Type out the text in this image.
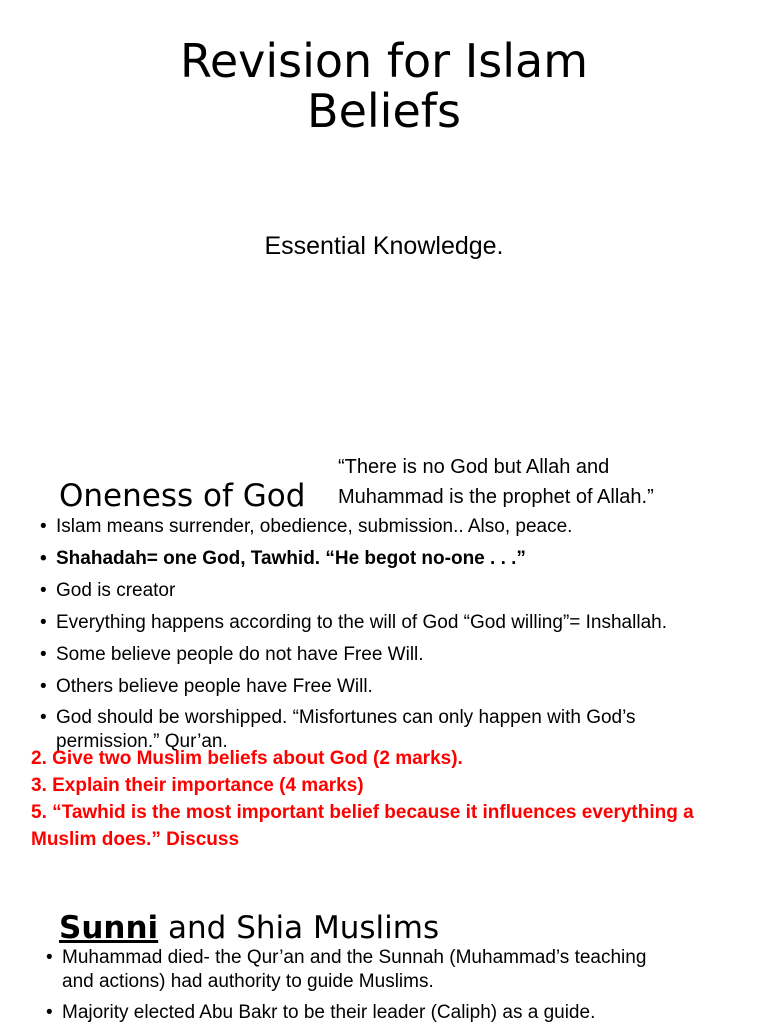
Revision for Islam
Beliefs
Essential Knowledge.
“There is no God but Allah and
Muhammad is the prophet of Allah.”
Oneness of God
• Islam means surrender, obedience, submission.. Also, peace.
• Shahadah= one God, Tawhid. “He begot no-one . . .”
• God is creator
• Everything happens according to the will of God “God willing”= Inshallah.
• Some believe people do not have Free Will.
• Others believe people have Free Will.
• God should be worshipped. “Misfortunes can only happen with God’s
permission.” Qur’an.
2. Give two Muslim beliefs about God (2 marks).
3. Explain their importance (4 marks)
5. “Tawhid is the most important belief because it influences everything a
Muslim does.” Discuss
Sunni and Shia Muslims
• Muhammad died- the Qur’an and the Sunnah (Muhammad’s teaching
and actions) had authority to guide Muslims.
• Majority elected Abu Bakr to be their leader (Caliph) as a guide.
